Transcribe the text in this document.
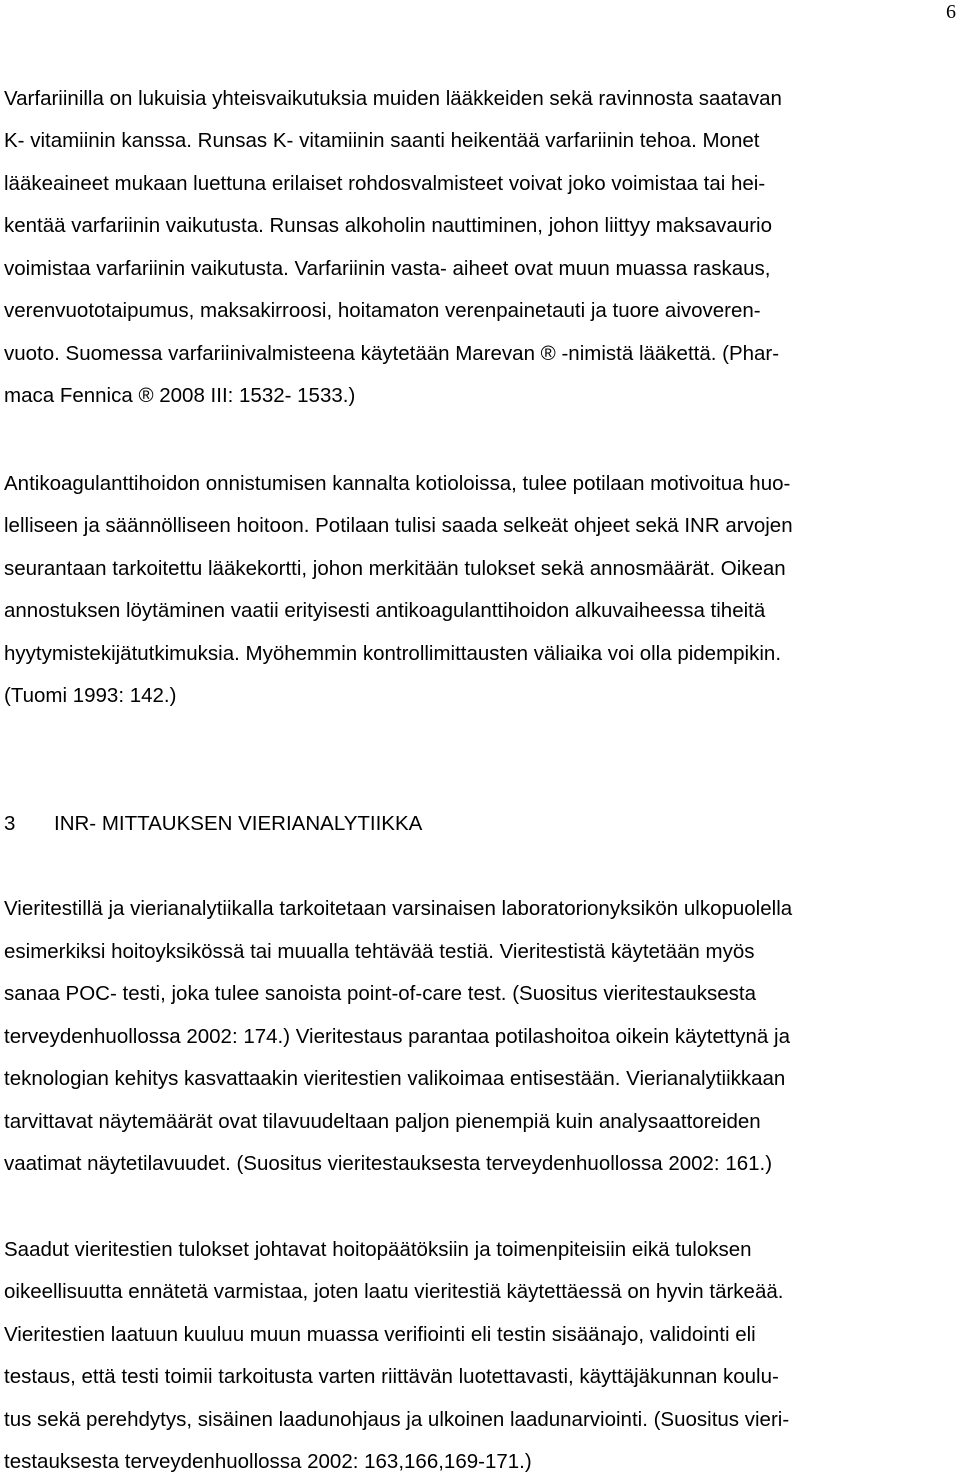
6
Varfariinilla on lukuisia yhteisvaikutuksia muiden lääkkeiden sekä ravinnosta saatavan
K- vitamiinin kanssa. Runsas K- vitamiinin saanti heikentää varfariinin tehoa. Monet
lääkeaineet mukaan luettuna erilaiset rohdosvalmisteet voivat joko voimistaa tai hei-
kentää varfariinin vaikutusta. Runsas alkoholin nauttiminen, johon liittyy maksavaurio
voimistaa varfariinin vaikutusta. Varfariinin vasta- aiheet ovat muun muassa raskaus,
verenvuototaipumus, maksakirroosi, hoitamaton verenpainetauti ja tuore aivoveren-
vuoto. Suomessa varfariinivalmisteena käytetään Marevan ® -nimistä lääkettä. (Phar-
maca Fennica ® 2008 III: 1532- 1533.)
Antikoagulanttihoidon onnistumisen kannalta kotioloissa, tulee potilaan motivoitua huo-
lelliseen ja säännölliseen hoitoon. Potilaan tulisi saada selkeät ohjeet sekä INR arvojen
seurantaan tarkoitettu lääkekortti, johon merkitään tulokset sekä annosmäärät. Oikean
annostuksen löytäminen vaatii erityisesti antikoagulanttihoidon alkuvaiheessa tiheitä
hyytymistekijätutkimuksia. Myöhemmin kontrollimittausten väliaika voi olla pidempikin.
(Tuomi 1993: 142.)
3 INR- MITTAUKSEN VIERIANALYTIIKKA
Vieritestillä ja vierianalytiikalla tarkoitetaan varsinaisen laboratorionyksikön ulkopuolella
esimerkiksi hoitoyksikössä tai muualla tehtävää testiä. Vieritestistä käytetään myös
sanaa POC- testi, joka tulee sanoista point-of-care test. (Suositus vieritestauksesta
terveydenhuollossa 2002: 174.) Vieritestaus parantaa potilashoitoa oikein käytettynä ja
teknologian kehitys kasvattaakin vieritestien valikoimaa entisestään. Vierianalytiikkaan
tarvittavat näytemäärät ovat tilavuudeltaan paljon pienempiä kuin analysaattoreiden
vaatimat näytetilavuudet. (Suositus vieritestauksesta terveydenhuollossa 2002: 161.)
Saadut vieritestien tulokset johtavat hoitopäätöksiin ja toimenpiteisiin eikä tuloksen
oikeellisuutta ennätetä varmistaa, joten laatu vieritestiä käytettäessä on hyvin tärkeää.
Vieritestien laatuun kuuluu muun muassa verifiointi eli testin sisäänajo, validointi eli
testaus, että testi toimii tarkoitusta varten riittävän luotettavasti, käyttäjäkunnan koulu-
tus sekä perehdytys, sisäinen laadunohjaus ja ulkoinen laadunarviointi. (Suositus vieri-
testauksesta terveydenhuollossa 2002: 163,166,169-171.)
